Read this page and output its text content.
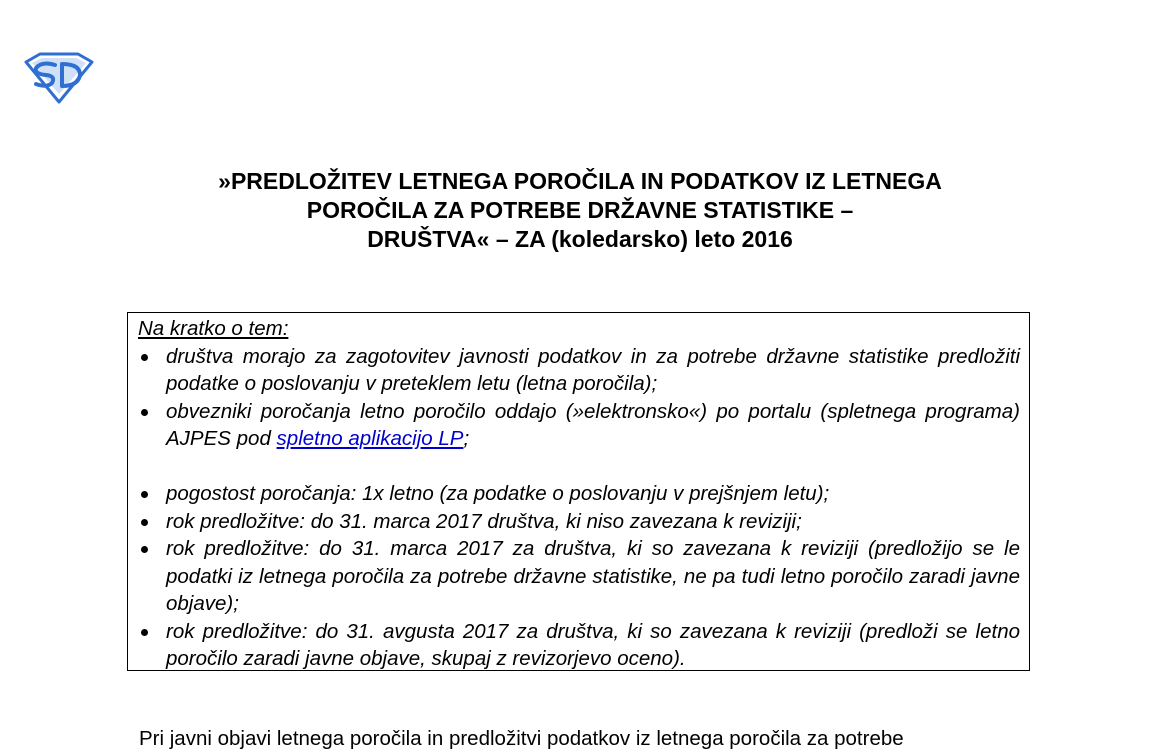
»PREDLOŽITEV LETNEGA POROČILA IN PODATKOV IZ LETNEGA
POROČILA ZA POTREBE DRŽAVNE STATISTIKE –
DRUŠTVA« – ZA (koledarsko) leto 2016
Na kratko o tem:
društva morajo za zagotovitev javnosti podatkov in za potrebe državne statistike predložiti podatke o poslovanju v preteklem letu (letna poročila);
obvezniki poročanja letno poročilo oddajo (»elektronsko«) po portalu (spletnega programa) AJPES pod spletno aplikacijo LP;
pogostost poročanja: 1x letno (za podatke o poslovanju v prejšnjem letu);
rok predložitve: do 31. marca 2017 društva, ki niso zavezana k reviziji;
rok predložitve: do 31. marca 2017 za društva, ki so zavezana k reviziji (predložijo se le podatki iz letnega poročila za potrebe državne statistike, ne pa tudi letno poročilo zaradi javne objave);
rok predložitve: do 31. avgusta 2017 za društva, ki so zavezana k reviziji (predloži se letno poročilo zaradi javne objave, skupaj z revizorjevo oceno).
Pri javni objavi letnega poročila in predložitvi podatkov iz letnega poročila za potrebe
